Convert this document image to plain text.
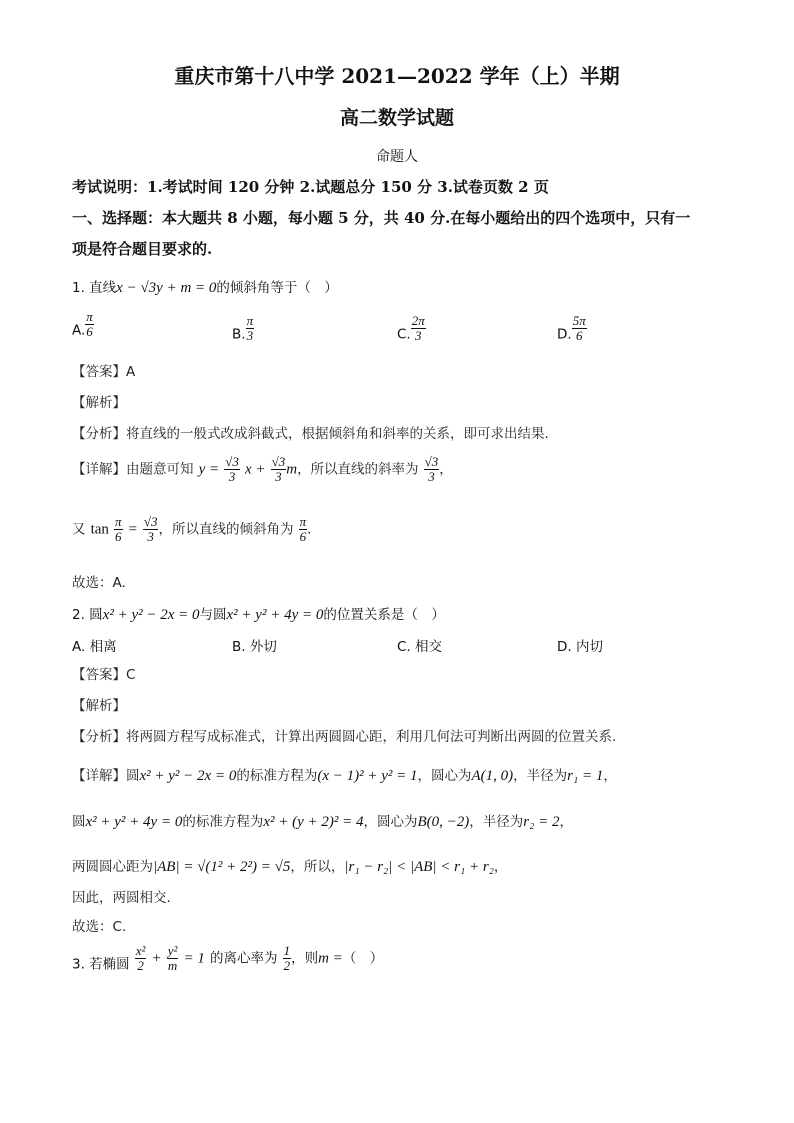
重庆市第十八中学 2021—2022 学年（上）半期
高二数学试题
命题人
考试说明：1.考试时间 120 分钟 2.试题总分 150 分 3.试卷页数 2 页
一、选择题：本大题共 8 小题，每小题 5 分，共 40 分.在每小题给出的四个选项中，只有一
项是符合题目要求的.
1. 直线x − √3y + m = 0的倾斜角等于（　）
A. $\frac{\pi}{6}$	B. $\frac{\pi}{3}$	C. $\frac{2\pi}{3}$	D. $\frac{5\pi}{6}$
【答案】A
【解析】
【分析】将直线的一般式改成斜截式，根据倾斜角和斜率的关系，即可求出结果.
【详解】由题意可知 $y = \frac{√3}{3}$ $x + \frac{√3}{3}$ m，所以直线的斜率为 $\frac{√3}{3}$ ，
又 $\tan \frac{\pi}{6} = \frac{√3}{3}$ ，所以直线的倾斜角为 $\frac{\pi}{6}$ .
故选：A.
2. 圆x² + y² − 2x = 0与圆x² + y² + 4y = 0的位置关系是（　）
A. 相离	B. 外切	C. 相交	D. 内切
【答案】C
【解析】
【分析】将两圆方程写成标准式，计算出两圆圆心距，利用几何法可判断出两圆的位置关系.
【详解】圆x² + y² − 2x = 0的标准方程为(x − 1)² + y² = 1，圆心为A(1, 0)，半径为r₁ = 1，
圆x² + y² + 4y = 0的标准方程为x² + (y + 2)² = 4，圆心为B(0, −2)，半径为r₂ = 2，
两圆圆心距为|AB| = √(1² + 2²) = √5，所以，|r₁ − r₂| < |AB| < r₁ + r₂，
因此，两圆相交.
故选：C.
3. 若椭圆 $\frac{\text{x²}}{2} + \frac{\text{y²}}{m} = 1$ 的离心率为 $\frac{1}{2}$ ，则m =（　）
